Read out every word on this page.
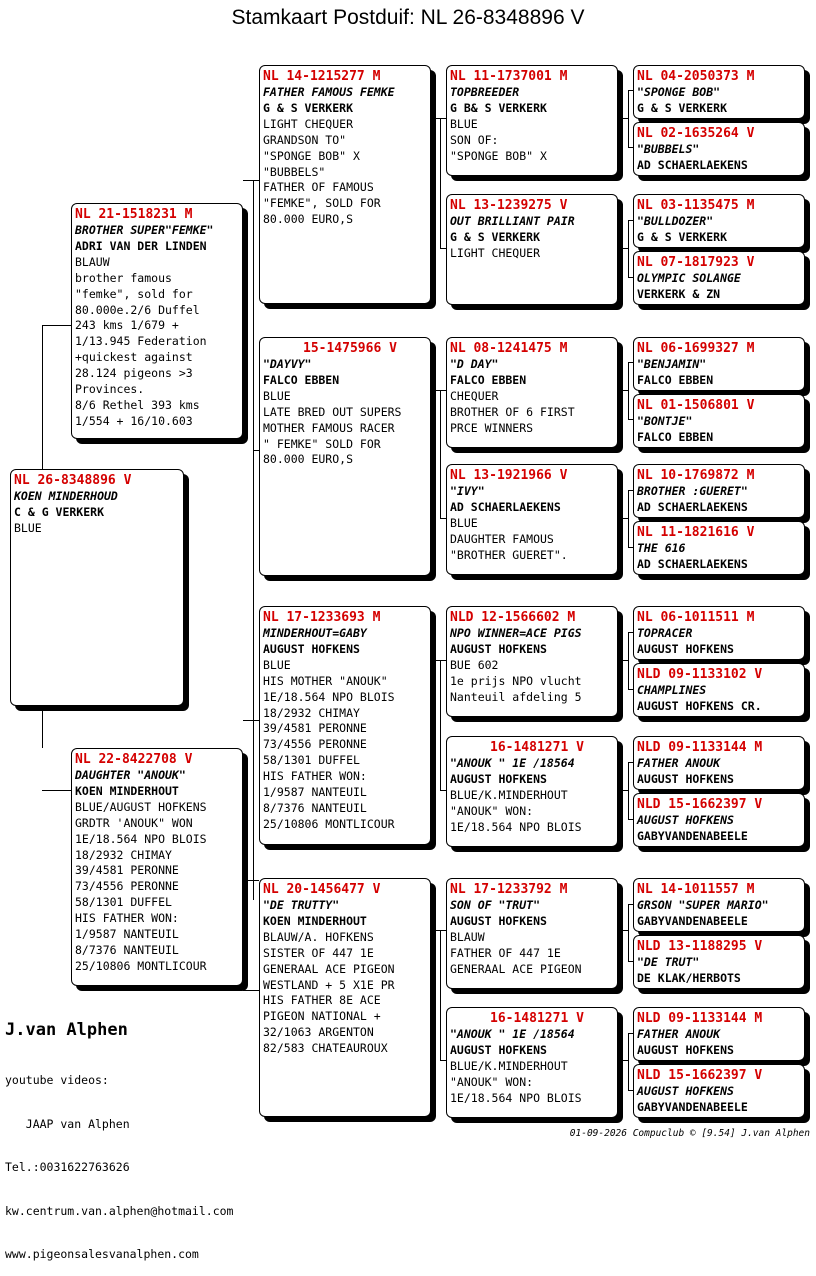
Stamkaart Postduif: NL 26-8348896 V
NL 26-8348896 V
KOEN MINDERHOUD
C & G VERKERK
BLUE
NL 21-1518231 M
BROTHER SUPER"FEMKE"
ADRI VAN DER LINDEN
BLAUW
brother famous
"femke", sold for
80.000e.2/6 Duffel
243 kms 1/679 +
1/13.945 Federation
+quickest against
28.124 pigeons >3
Provinces.
8/6 Rethel 393 kms
1/554 + 16/10.603
NL 22-8422708 V
DAUGHTER "ANOUK"
KOEN MINDERHOUT
BLUE/AUGUST HOFKENS
GRDTR 'ANOUK" WON
1E/18.564 NPO BLOIS
18/2932 CHIMAY
39/4581 PERONNE
73/4556 PERONNE
58/1301 DUFFEL
HIS FATHER WON:
1/9587 NANTEUIL
8/7376 NANTEUIL
25/10806 MONTLICOUR
NL 14-1215277 M
FATHER FAMOUS FEMKE
G & S VERKERK
LIGHT CHEQUER
GRANDSON TO"
"SPONGE BOB" X
"BUBBELS"
FATHER OF FAMOUS
"FEMKE", SOLD FOR
80.000 EURO,S
15-1475966 V
"DAYVY"
FALCO EBBEN
BLUE
LATE BRED OUT SUPERS
MOTHER FAMOUS RACER
" FEMKE" SOLD FOR
80.000 EURO,S
NL 17-1233693 M
MINDERHOUT=GABY
AUGUST HOFKENS
BLUE
HIS MOTHER "ANOUK"
1E/18.564 NPO BLOIS
18/2932 CHIMAY
39/4581 PERONNE
73/4556 PERONNE
58/1301 DUFFEL
HIS FATHER WON:
1/9587 NANTEUIL
8/7376 NANTEUIL
25/10806 MONTLICOUR
NL 20-1456477 V
"DE TRUTTY"
KOEN MINDERHOUT
BLAUW/A. HOFKENS
SISTER OF 447 1E
GENERAAL ACE PIGEON
WESTLAND + 5 X1E PR
HIS FATHER 8E ACE
PIGEON NATIONAL +
32/1063 ARGENTON
82/583 CHATEAUROUX
NL 11-1737001 M
TOPBREEDER
G B& S VERKERK
BLUE
SON OF:
"SPONGE BOB" X
NL 13-1239275 V
OUT BRILLIANT PAIR
G & S VERKERK
LIGHT CHEQUER
NL 08-1241475 M
"D DAY"
FALCO EBBEN
CHEQUER
BROTHER OF 6 FIRST
PRCE WINNERS
NL 13-1921966 V
"IVY"
AD SCHAERLAEKENS
BLUE
DAUGHTER FAMOUS
"BROTHER GUERET".
NLD 12-1566602 M
NPO WINNER=ACE PIGS
AUGUST HOFKENS
BUE 602
1e prijs NPO vlucht
Nanteuil afdeling 5
16-1481271 V
"ANOUK " 1E /18564
AUGUST HOFKENS
BLUE/K.MINDERHOUT
"ANOUK" WON:
1E/18.564 NPO BLOIS
NL 17-1233792 M
SON OF "TRUT"
AUGUST HOFKENS
BLAUW
FATHER OF 447 1E
GENERAAL ACE PIGEON
16-1481271 V
"ANOUK " 1E /18564
AUGUST HOFKENS
BLUE/K.MINDERHOUT
"ANOUK" WON:
1E/18.564 NPO BLOIS
NL 04-2050373 M
"SPONGE BOB"
G & S VERKERK
NL 02-1635264 V
"BUBBELS"
AD SCHAERLAEKENS
NL 03-1135475 M
"BULLDOZER"
G & S VERKERK
NL 07-1817923 V
OLYMPIC SOLANGE
VERKERK & ZN
NL 06-1699327 M
"BENJAMIN"
FALCO EBBEN
NL 01-1506801 V
"BONTJE"
FALCO EBBEN
NL 10-1769872 M
BROTHER :GUERET"
AD SCHAERLAEKENS
NL 11-1821616 V
THE 616
AD SCHAERLAEKENS
NL 06-1011511 M
TOPRACER
AUGUST HOFKENS
NLD 09-1133102 V
CHAMPLINES
AUGUST HOFKENS CR.
NLD 09-1133144 M
FATHER ANOUK
AUGUST HOFKENS
NLD 15-1662397 V
AUGUST HOFKENS
GABYVANDENABEELE
NL 14-1011557 M
GRSON "SUPER MARIO"
GABYVANDENABEELE
NLD 13-1188295 V
"DE TRUT"
DE KLAK/HERBOTS
NLD 09-1133144 M
FATHER ANOUK
AUGUST HOFKENS
NLD 15-1662397 V
AUGUST HOFKENS
GABYVANDENABEELE
J.van Alphen

youtube videos:

JAAP van Alphen

Tel.:0031622763626

kw.centrum.van.alphen@hotmail.com

www.pigeonsalesvanalphen.com

01-09-2026 Compuclub © [9.54] J.van Alphen
